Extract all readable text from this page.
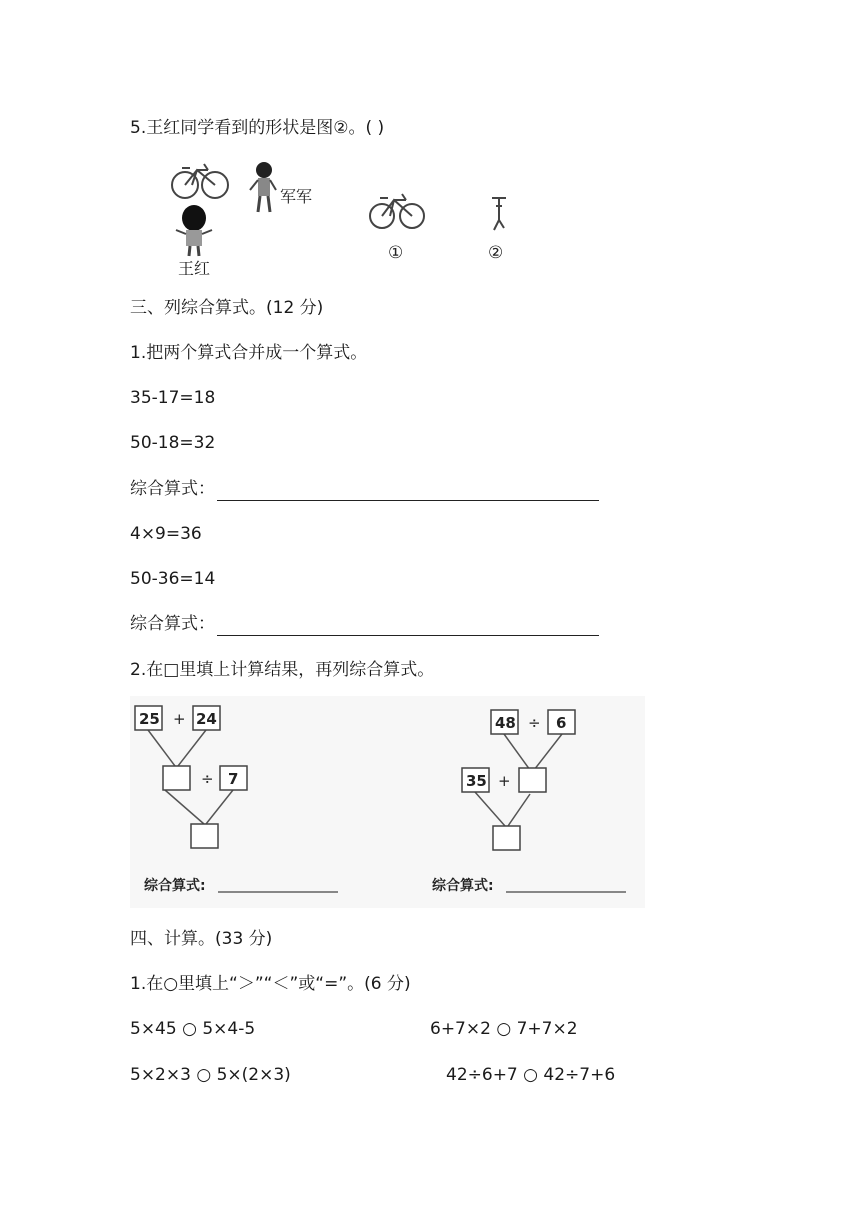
5.王红同学看到的形状是图②。( )
军军
王红
①	②
三、列综合算式。(12 分)
1.把两个算式合并成一个算式。
35-17=18
50-18=32
综合算式：
4×9=36
50-36=14
综合算式：
2.在□里填上计算结果，再列综合算式。
25 + 24
÷ 7
综合算式:
48 ÷ 6
35 +
综合算式:
四、计算。(33 分)
1.在○里填上“＞”“＜”或“=”。(6 分)
5×45 ○ 5×4-5	6+7×2 ○ 7+7×2
5×2×3 ○ 5×(2×3)	42÷6+7 ○ 42÷7+6
